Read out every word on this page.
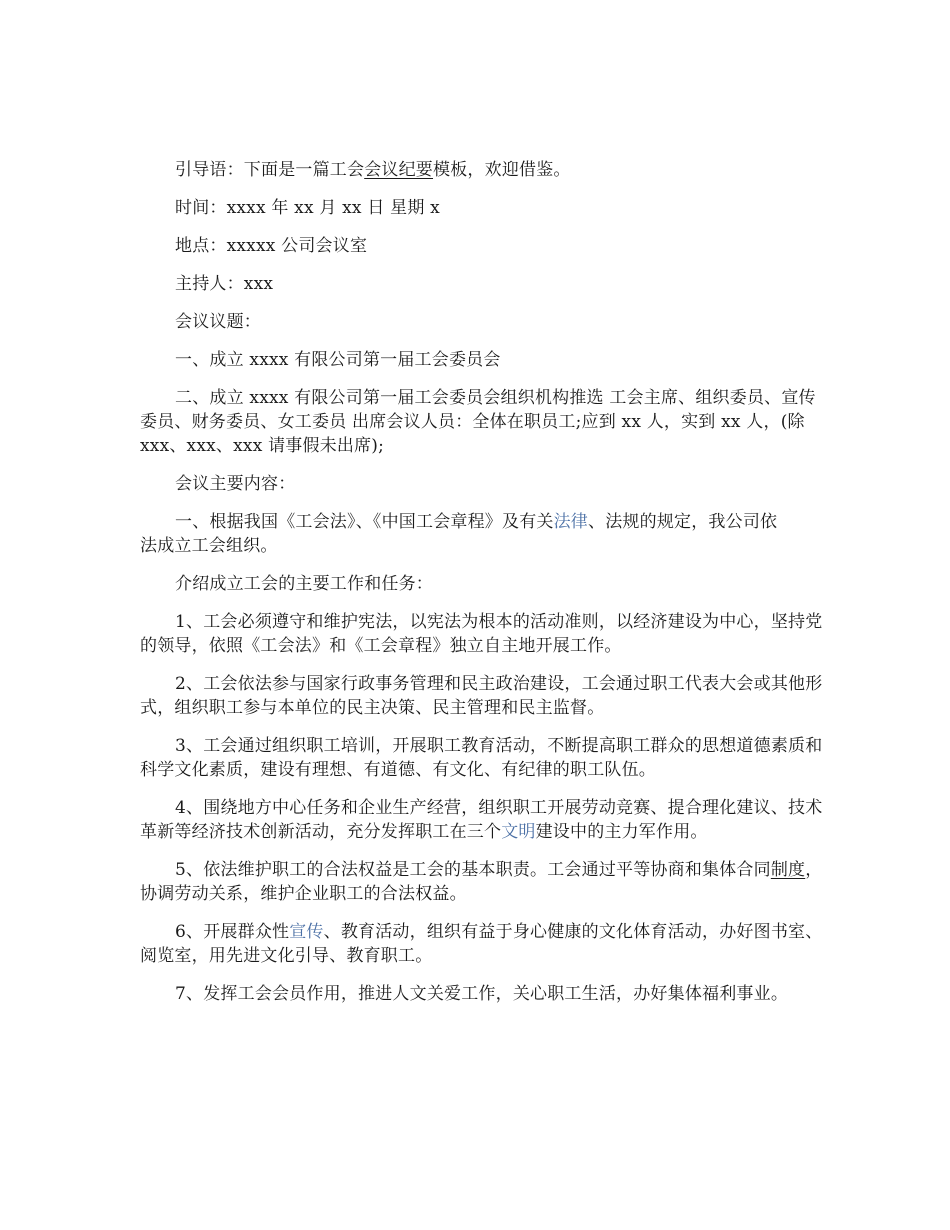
引导语：下面是一篇工会会议纪要模板，欢迎借鉴。

时间：xxxx 年 xx 月 xx 日 星期 x

地点：xxxxx 公司会议室

主持人：xxx

会议议题：

一、成立 xxxx 有限公司第一届工会委员会

二、成立 xxxx 有限公司第一届工会委员会组织机构推选 工会主席、组织委员、宣传委员、财务委员、女工委员 出席会议人员：全体在职员工;应到 xx 人，实到 xx 人，(除 xxx、xxx、xxx 请事假未出席);

会议主要内容：

一、根据我国《工会法》、《中国工会章程》及有关法律、法规的规定，我公司依法成立工会组织。

介绍成立工会的主要工作和任务：

1、工会必须遵守和维护宪法，以宪法为根本的活动准则，以经济建设为中心，坚持党的领导，依照《工会法》和《工会章程》独立自主地开展工作。

2、工会依法参与国家行政事务管理和民主政治建设，工会通过职工代表大会或其他形式，组织职工参与本单位的民主决策、民主管理和民主监督。

3、工会通过组织职工培训，开展职工教育活动，不断提高职工群众的思想道德素质和科学文化素质，建设有理想、有道德、有文化、有纪律的职工队伍。

4、围绕地方中心任务和企业生产经营，组织职工开展劳动竞赛、提合理化建议、技术革新等经济技术创新活动，充分发挥职工在三个文明建设中的主力军作用。

5、依法维护职工的合法权益是工会的基本职责。工会通过平等协商和集体合同制度，协调劳动关系，维护企业职工的合法权益。

6、开展群众性宣传、教育活动，组织有益于身心健康的文化体育活动，办好图书室、阅览室，用先进文化引导、教育职工。

7、发挥工会会员作用，推进人文关爱工作，关心职工生活，办好集体福利事业。
